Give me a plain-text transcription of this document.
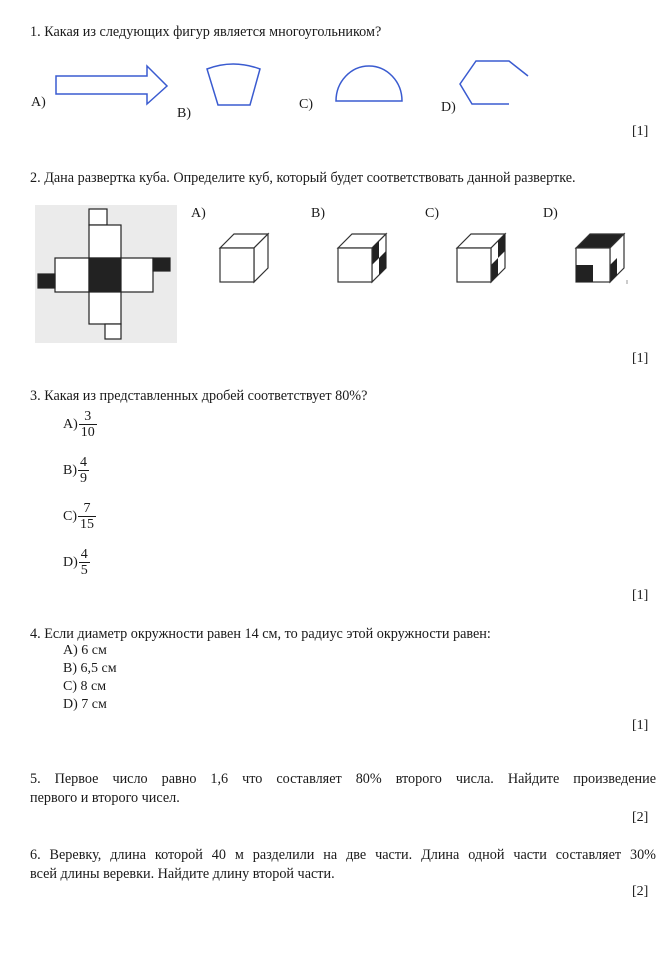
1. Какая из следующих фигур является многоугольником?
A)
B)
C)	D)
[1]
2. Дана развертка куба. Определите куб, который будет соответствовать данной развертке.
A)	B)	C)	D)
[1]
3. Какая из представленных дробей соответствует 80%?
$A) \frac{3}{10}$
$B) \frac{4}{9}$
$C) \frac{7}{15}$
$D) \frac{4}{5}$
[1]
4. Если диаметр окружности равен 14 см, то радиус этой окружности равен:
A) 6 см
B) 6,5 см
C) 8 см
D) 7 см
[1]
5. Первое число равно 1,6 что составляет 80% второго числа. Найдите произведение
первого и второго чисел.
[2]
6. Веревку, длина которой 40 м разделили на две части. Длина одной части составляет 30%
всей длины веревки. Найдите длину второй части.
[2]
